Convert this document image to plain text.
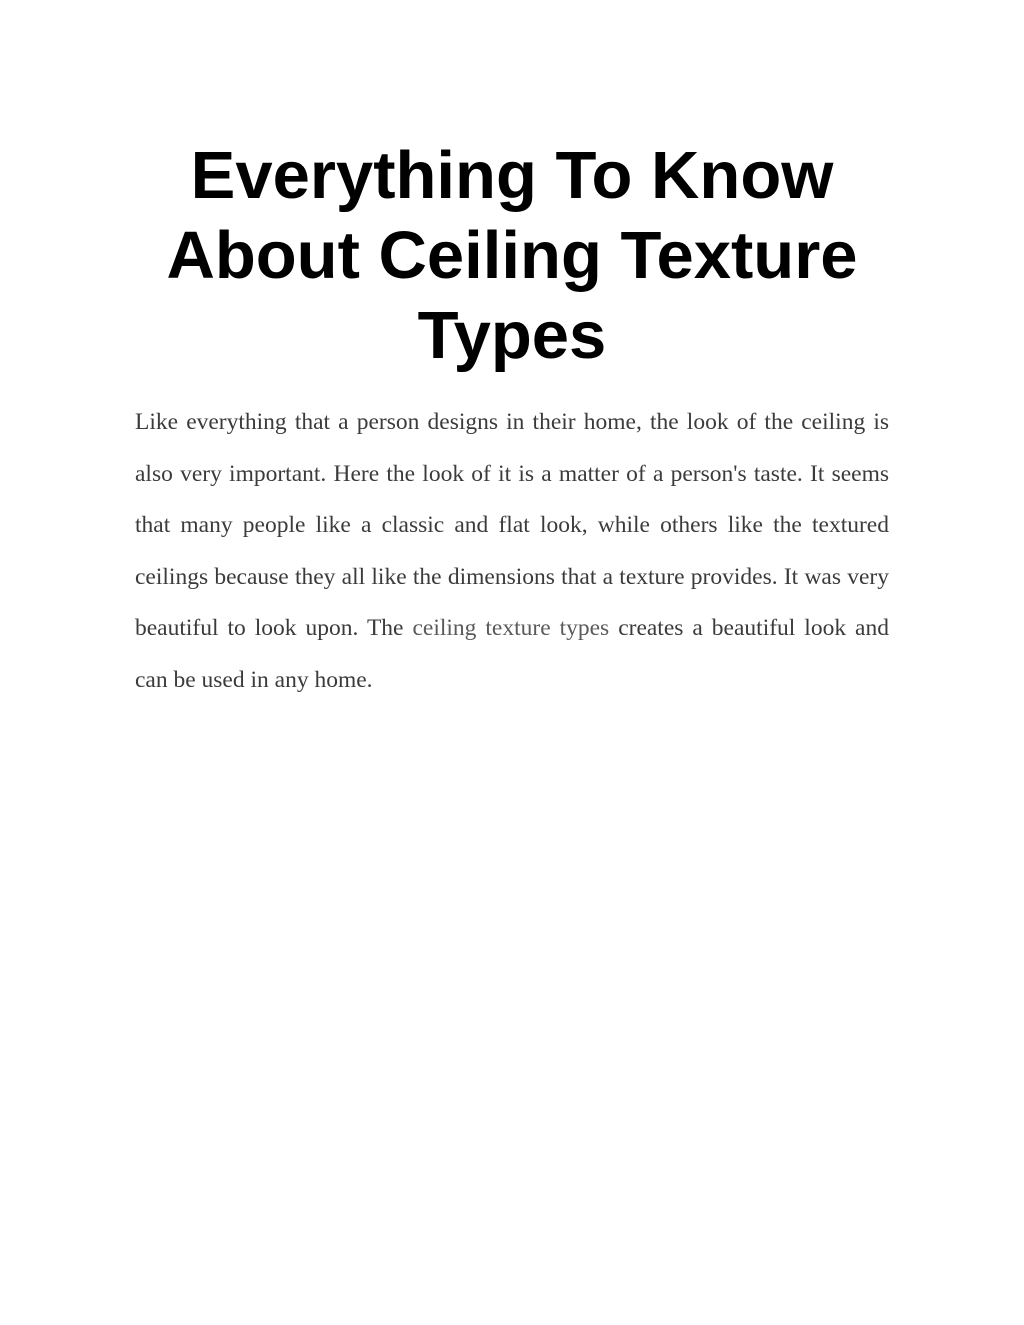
Everything To Know About Ceiling Texture Types

Like everything that a person designs in their home, the look of the ceiling is also very important. Here the look of it is a matter of a person's taste. It seems that many people like a classic and flat look, while others like the textured ceilings because they all like the dimensions that a texture provides. It was very beautiful to look upon. The ceiling texture types creates a beautiful look and can be used in any home.
